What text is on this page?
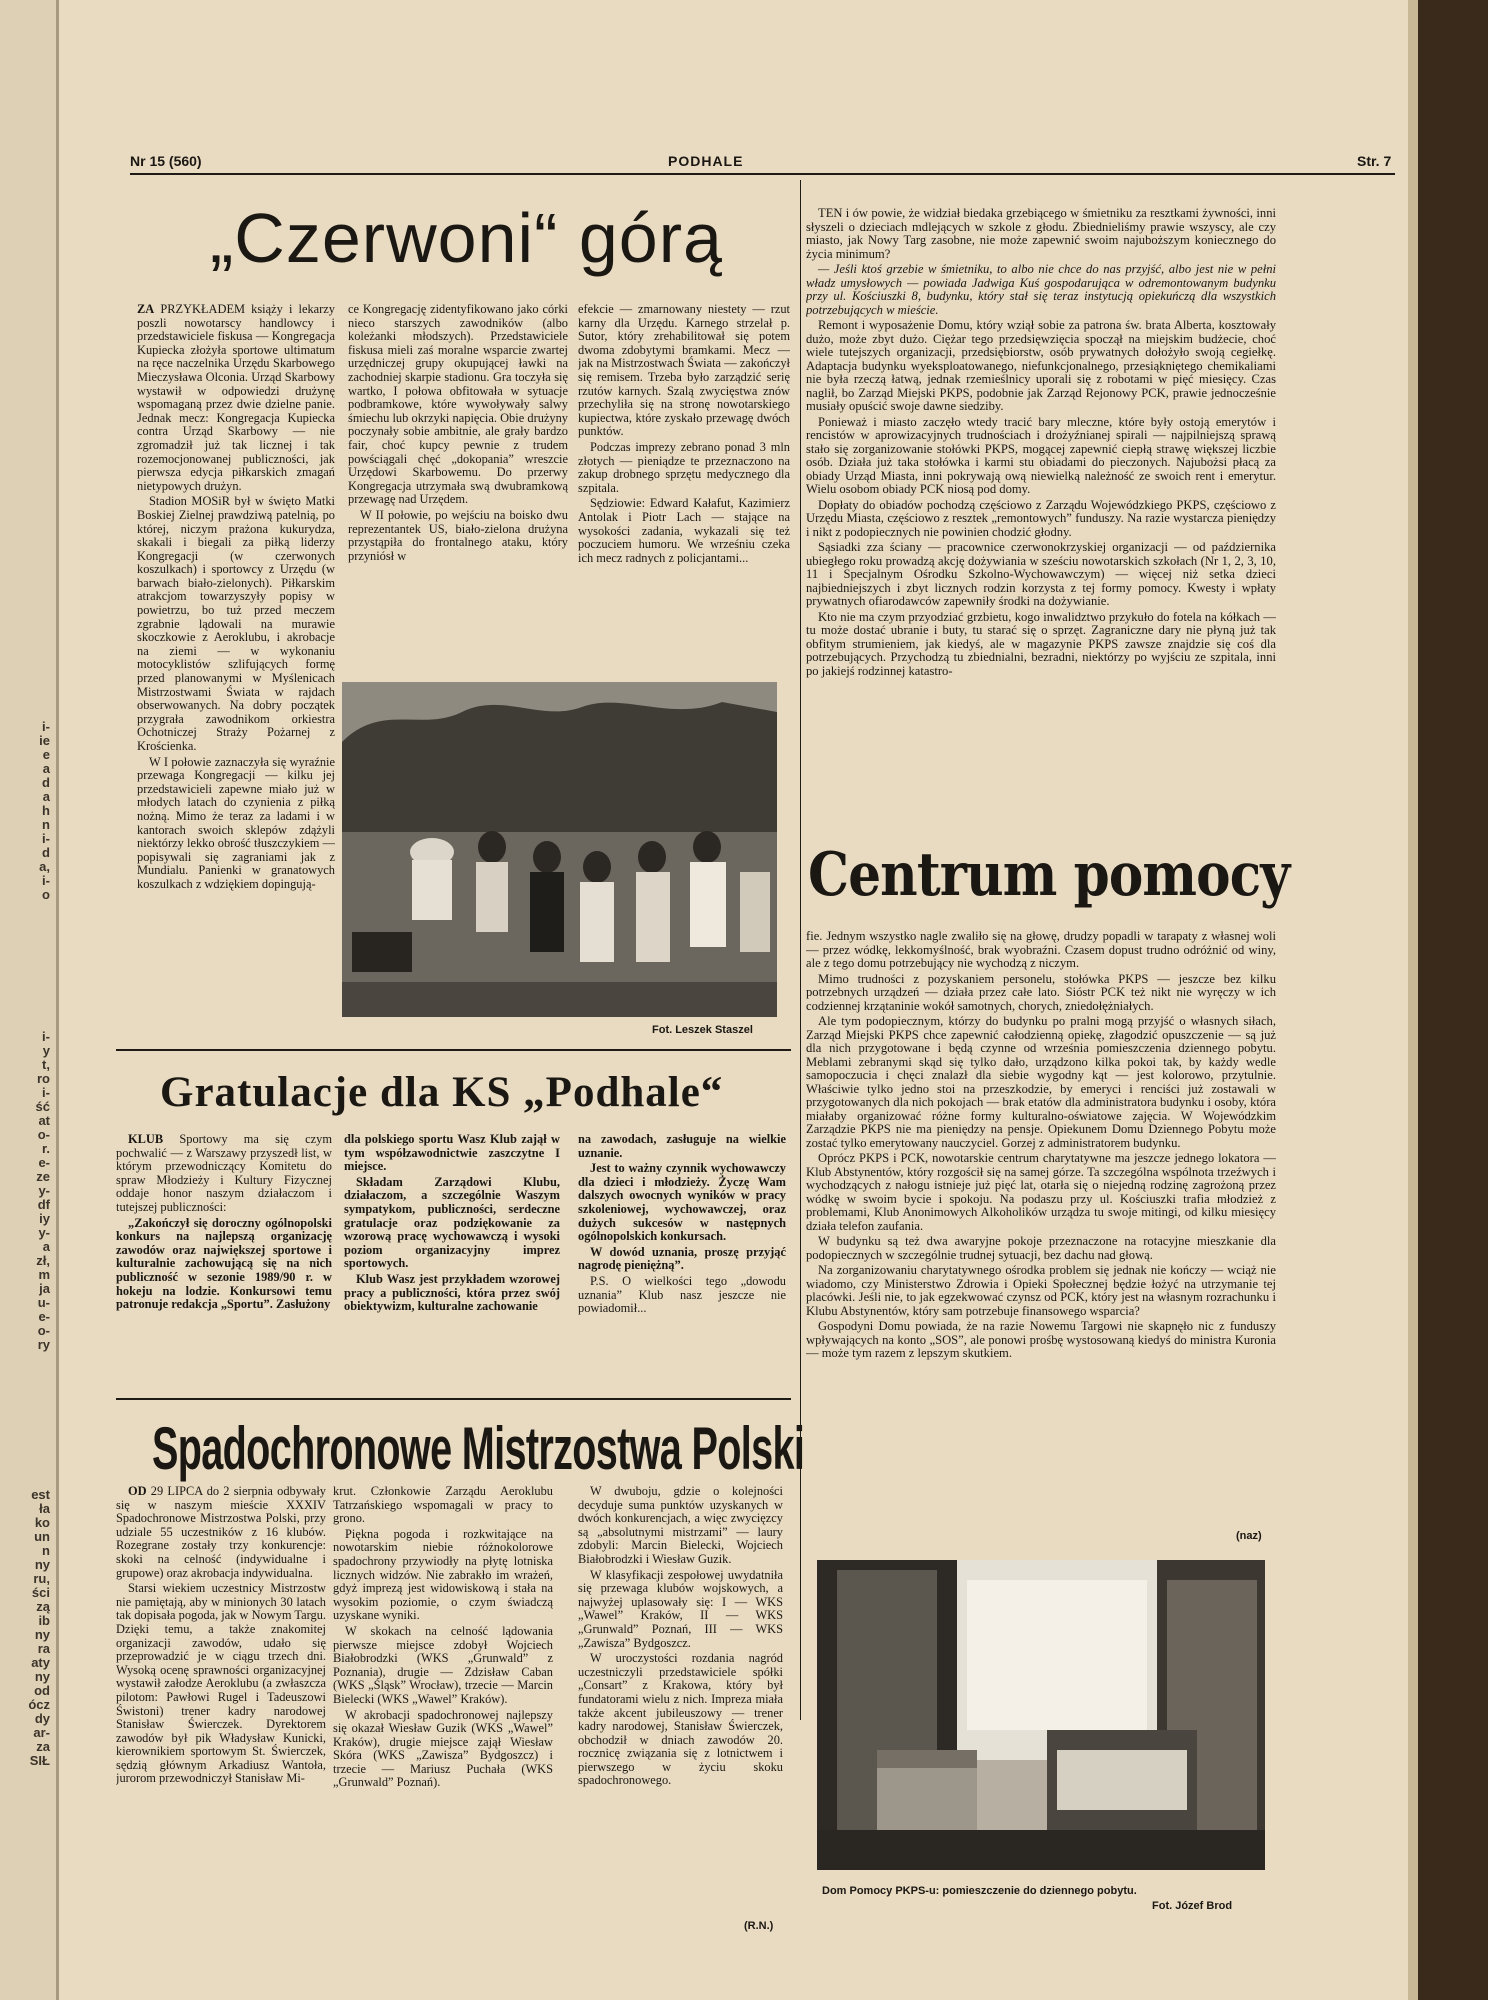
i-
ie
e
a
d
a
h
n
i-
d
a,
i-
o
i-
y
t,
ro
i-
ść
at
o-
r.
e-
ze
y-
df
iy
y-
a
zł,
m
ja
u-
e-
o-
ry
est
ła
ko
un
n
ny
ru,
ści
zą
ib
ny
ra
aty
ny
od
ócz
dy
ar-
za
SIŁ
Nr 15 (560)	PODHALE	Str. 7
„Czerwoni“ górą

ZA PRZYKŁADEM książy i lekarzy poszli nowotarscy handlowcy i przedstawiciele fiskusa — Kongregacja Kupiecka złożyła sportowe ultimatum na ręce naczelnika Urzędu Skarbowego Mieczysława Olconia. Urząd Skarbowy wystawił w odpowiedzi drużynę wspomaganą przez dwie dzielne panie. Jednak mecz: Kongregacja Kupiecka contra Urząd Skarbowy — nie zgromadził już tak licznej i tak rozemocjonowanej publiczności, jak pierwsza edycja piłkarskich zmagań nietypowych drużyn.

Stadion MOSiR był w święto Matki Boskiej Zielnej prawdziwą patelnią, po której, niczym prażona kukurydza, skakali i biegali za piłką liderzy Kongregacji (w czerwonych koszulkach) i sportowcy z Urzędu (w barwach biało-zielonych). Piłkarskim atrakcjom towarzyszyły popisy w powietrzu, bo tuż przed meczem zgrabnie lądowali na murawie skoczkowie z Aeroklubu, i akrobacje na ziemi — w wykonaniu motocyklistów szlifujących formę przed planowanymi w Myślenicach Mistrzostwami Świata w rajdach obserwowanych. Na dobry początek przygrała zawodnikom orkiestra Ochotniczej Straży Pożarnej z Krościenka.

W I połowie zaznaczyła się wyraźnie przewaga Kongregacji — kilku jej przedstawicieli zapewne miało już w młodych latach do czynienia z piłką nożną. Mimo że teraz za ladami i w kantorach swoich sklepów zdążyli niektórzy lekko obrość tłuszczykiem — popisywali się zagraniami jak z Mundialu. Panienki w granatowych koszulkach z wdziękiem dopingują-

ce Kongregację zidentyfikowano jako córki nieco starszych zawodników (albo koleżanki młodszych). Przedstawiciele fiskusa mieli zaś moralne wsparcie zwartej urzędniczej grupy okupującej ławki na zachodniej skarpie stadionu. Gra toczyła się wartko, I połowa obfitowała w sytuacje podbramkowe, które wywoływały salwy śmiechu lub okrzyki napięcia. Obie drużyny poczynały sobie ambitnie, ale grały bardzo fair, choć kupcy pewnie z trudem powściągali chęć „dokopania” wreszcie Urzędowi Skarbowemu. Do przerwy Kongregacja utrzymała swą dwubramkową przewagę nad Urzędem.

W II połowie, po wejściu na boisko dwu reprezentantek US, biało-zielona drużyna przystąpiła do frontalnego ataku, który przyniósł w

efekcie — zmarnowany niestety — rzut karny dla Urzędu. Karnego strzelał p. Sutor, który zrehabilitował się potem dwoma zdobytymi bramkami. Mecz — jak na Mistrzostwach Świata — zakończył się remisem. Trzeba było zarządzić serię rzutów karnych. Szalą zwycięstwa znów przechyliła się na stronę nowotarskiego kupiectwa, które zyskało przewagę dwóch punktów.

Podczas imprezy zebrano ponad 3 mln złotych — pieniądze te przeznaczono na zakup drobnego sprzętu medycznego dla szpitala.

Sędziowie: Edward Kałafut, Kazimierz Antolak i Piotr Lach — stające na wysokości zadania, wykazali się też poczuciem humoru. We wrześniu czeka ich mecz radnych z policjantami...

Fot. Leszek Staszel

TEN i ów powie, że widział biedaka grzebiącego w śmietniku za resztkami żywności, inni słyszeli o dzieciach mdlejących w szkole z głodu. Zbiednieliśmy prawie wszyscy, ale czy miasto, jak Nowy Targ zasobne, nie może zapewnić swoim najuboższym koniecznego do życia minimum?

— Jeśli ktoś grzebie w śmietniku, to albo nie chce do nas przyjść, albo jest nie w pełni władz umysłowych — powiada Jadwiga Kuś gospodarująca w odremontowanym budynku przy ul. Kościuszki 8, budynku, który stał się teraz instytucją opiekuńczą dla wszystkich potrzebujących w mieście.

Remont i wyposażenie Domu, który wziął sobie za patrona św. brata Alberta, kosztowały dużo, może zbyt dużo. Ciężar tego przedsięwzięcia spoczął na miejskim budżecie, choć wiele tutejszych organizacji, przedsiębiorstw, osób prywatnych dołożyło swoją cegiełkę. Adaptacja budynku wyeksploatowanego, niefunkcjonalnego, przesiąkniętego chemikaliami nie była rzeczą łatwą, jednak rzemieślnicy uporali się z robotami w pięć miesięcy. Czas naglił, bo Zarząd Miejski PKPS, podobnie jak Zarząd Rejonowy PCK, prawie jednocześnie musiały opuścić swoje dawne siedziby.

Ponieważ i miasto zaczęło wtedy tracić bary mleczne, które były ostoją emerytów i rencistów w aprowizacyjnych trudnościach i drożyźnianej spirali — najpilniejszą sprawą stało się zorganizowanie stołówki PKPS, mogącej zapewnić ciepłą strawę większej liczbie osób. Działa już taka stołówka i karmi stu obiadami do pieczonych. Najubożsi płacą za obiady Urząd Miasta, inni pokrywają ową niewielką należność ze swoich rent i emerytur. Wielu osobom obiady PCK niosą pod domy.

Dopłaty do obiadów pochodzą częściowo z Zarządu Wojewódzkiego PKPS, częściowo z Urzędu Miasta, częściowo z resztek „remontowych” funduszy. Na razie wystarcza pieniędzy i nikt z podopiecznych nie powinien chodzić głodny.

Sąsiadki zza ściany — pracownice czerwonokrzyskiej organizacji — od października ubiegłego roku prowadzą akcję dożywiania w sześciu nowotarskich szkołach (Nr 1, 2, 3, 10, 11 i Specjalnym Ośrodku Szkolno-Wychowawczym) — więcej niż setka dzieci najbiedniejszych i zbyt licznych rodzin korzysta z tej formy pomocy. Kwesty i wpłaty prywatnych ofiarodawców zapewniły środki na dożywianie.

Kto nie ma czym przyodziać grzbietu, kogo inwalidztwo przykuło do fotela na kółkach — tu może dostać ubranie i buty, tu starać się o sprzęt. Zagraniczne dary nie płyną już tak obfitym strumieniem, jak kiedyś, ale w magazynie PKPS zawsze znajdzie się coś dla potrzebujących. Przychodzą tu zbiednialni, bezradni, niektórzy po wyjściu ze szpitala, inni po jakiejś rodzinnej katastro-

Centrum pomocy

fie. Jednym wszystko nagle zwaliło się na głowę, drudzy popadli w tarapaty z własnej woli — przez wódkę, lekkomyślność, brak wyobraźni. Czasem dopust trudno odróżnić od winy, ale z tego domu potrzebujący nie wychodzą z niczym.

Mimo trudności z pozyskaniem personelu, stołówka PKPS — jeszcze bez kilku potrzebnych urządzeń — działa przez całe lato. Sióstr PCK też nikt nie wyręczy w ich codziennej krzątaninie wokół samotnych, chorych, zniedołężniałych.

Ale tym podopiecznym, którzy do budynku po pralni mogą przyjść o własnych siłach, Zarząd Miejski PKPS chce zapewnić całodzienną opiekę, złagodzić opuszczenie — są już dla nich przygotowane i będą czynne od września pomieszczenia dziennego pobytu. Meblami zebranymi skąd się tylko dało, urządzono kilka pokoi tak, by każdy wedle samopoczucia i chęci znalazł dla siebie wygodny kąt — jest kolorowo, przytulnie. Właściwie tylko jedno stoi na przeszkodzie, by emeryci i renciści już zostawali w przygotowanych dla nich pokojach — brak etatów dla administratora budynku i osoby, która miałaby organizować różne formy kulturalno-oświatowe zajęcia. W Wojewódzkim Zarządzie PKPS nie ma pieniędzy na pensje. Opiekunem Domu Dziennego Pobytu może zostać tylko emerytowany nauczyciel. Gorzej z administratorem budynku.

Oprócz PKPS i PCK, nowotarskie centrum charytatywne ma jeszcze jednego lokatora — Klub Abstynentów, który rozgościł się na samej górze. Ta szczególna wspólnota trzeźwych i wychodzących z nałogu istnieje już pięć lat, otarła się o niejedną rodzinę zagrożoną przez wódkę w swoim bycie i spokoju. Na podaszu przy ul. Kościuszki trafia młodzież z problemami, Klub Anonimowych Alkoholików urządza tu swoje mitingi, od kilku miesięcy działa telefon zaufania.

W budynku są też dwa awaryjne pokoje przeznaczone na rotacyjne mieszkanie dla podopiecznych w szczególnie trudnej sytuacji, bez dachu nad głową.

Na zorganizowaniu charytatywnego ośrodka problem się jednak nie kończy — wciąż nie wiadomo, czy Ministerstwo Zdrowia i Opieki Społecznej będzie łożyć na utrzymanie tej placówki. Jeśli nie, to jak egzekwować czynsz od PCK, który jest na własnym rozrachunku i Klubu Abstynentów, który sam potrzebuje finansowego wsparcia?

Gospodyni Domu powiada, że na razie Nowemu Targowi nie skapnęło nic z funduszy wpływających na konto „SOS”, ale ponowi prośbę wystosowaną kiedyś do ministra Kuronia — może tym razem z lepszym skutkiem.

(naz)
Dom Pomocy PKPS-u: pomieszczenie do dziennego pobytu.
Fot. Józef Brod
Gratulacje dla KS „Podhale“

KLUB Sportowy ma się czym pochwalić — z Warszawy przyszedł list, w którym przewodniczący Komitetu do spraw Młodzieży i Kultury Fizycznej oddaje honor naszym działaczom i tutejszej publiczności:

„Zakończył się doroczny ogólnopolski konkurs na najlepszą organizację zawodów oraz największej sportowe i kulturalnie zachowującą się na nich publiczność w sezonie 1989/90 r. w hokeju na lodzie. Konkursowi temu patronuje redakcja „Sportu”. Zasłużony

dla polskiego sportu Wasz Klub zajął w tym współzawodnictwie zaszczytne I miejsce.

Składam Zarządowi Klubu, działaczom, a szczególnie Waszym sympatykom, publiczności, serdeczne gratulacje oraz podziękowanie za wzorową pracę wychowawczą i wysoki poziom organizacyjny imprez sportowych.

Klub Wasz jest przykładem wzorowej pracy a publiczności, która przez swój obiektywizm, kulturalne zachowanie

na zawodach, zasługuje na wielkie uznanie.

Jest to ważny czynnik wychowawczy dla dzieci i młodzieży. Życzę Wam dalszych owocnych wyników w pracy szkoleniowej, wychowawczej, oraz dużych sukcesów w następnych ogólnopolskich konkursach.

W dowód uznania, proszę przyjąć nagrodę pieniężną”.

P.S. O wielkości tego „dowodu uznania” Klub nasz jeszcze nie powiadomił...

Spadochronowe Mistrzostwa Polski

OD 29 LIPCA do 2 sierpnia odbywały się w naszym mieście XXXIV Spadochronowe Mistrzostwa Polski, przy udziale 55 uczestników z 16 klubów. Rozegrane zostały trzy konkurencje: skoki na celność (indywidualne i grupowe) oraz akrobacja indywidualna.

Starsi wiekiem uczestnicy Mistrzostw nie pamiętają, aby w minionych 30 latach tak dopisała pogoda, jak w Nowym Targu. Dzięki temu, a także znakomitej organizacji zawodów, udało się przeprowadzić je w ciągu trzech dni. Wysoką ocenę sprawności organizacyjnej wystawił załodze Aeroklubu (a zwłaszcza pilotom: Pawłowi Rugel i Tadeuszowi Świstoni) trener kadry narodowej Stanisław Świerczek. Dyrektorem zawodów był pik Władysław Kunicki, kierownikiem sportowym St. Świerczek, sędzią głównym Arkadiusz Wantoła, jurorom przewodniczył Stanisław Mi-

krut. Członkowie Zarządu Aeroklubu Tatrzańskiego wspomagali w pracy to grono.

Piękna pogoda i rozkwitające na nowotarskim niebie różnokolorowe spadochrony przywiodły na płytę lotniska licznych widzów. Nie zabrakło im wrażeń, gdyż imprezą jest widowiskową i stała na wysokim poziomie, o czym świadczą uzyskane wyniki.

W skokach na celność lądowania pierwsze miejsce zdobył Wojciech Białobrodzki (WKS „Grunwald” z Poznania), drugie — Zdzisław Caban (WKS „Śląsk” Wrocław), trzecie — Marcin Bielecki (WKS „Wawel” Kraków).

W akrobacji spadochronowej najlepszy się okazał Wiesław Guzik (WKS „Wawel” Kraków), drugie miejsce zajął Wiesław Skóra (WKS „Zawisza” Bydgoszcz) i trzecie — Mariusz Puchała (WKS „Grunwald” Poznań).

W dwuboju, gdzie o kolejności decyduje suma punktów uzyskanych w dwóch konkurencjach, a więc zwycięzcy są „absolutnymi mistrzami” — laury zdobyli: Marcin Bielecki, Wojciech Białobrodzki i Wiesław Guzik.

W klasyfikacji zespołowej uwydatniła się przewaga klubów wojskowych, a najwyżej uplasowały się: I — WKS „Wawel” Kraków, II — WKS „Grunwald” Poznań, III — WKS „Zawisza” Bydgoszcz.

W uroczystości rozdania nagród uczestniczyli przedstawiciele spółki „Consart” z Krakowa, który był fundatorami wielu z nich. Impreza miała także akcent jubileuszowy — trener kadry narodowej, Stanisław Świerczek, obchodził w dniach zawodów 20. rocznicę związania się z lotnictwem i pierwszego w życiu skoku spadochronowego.

(R.N.)
